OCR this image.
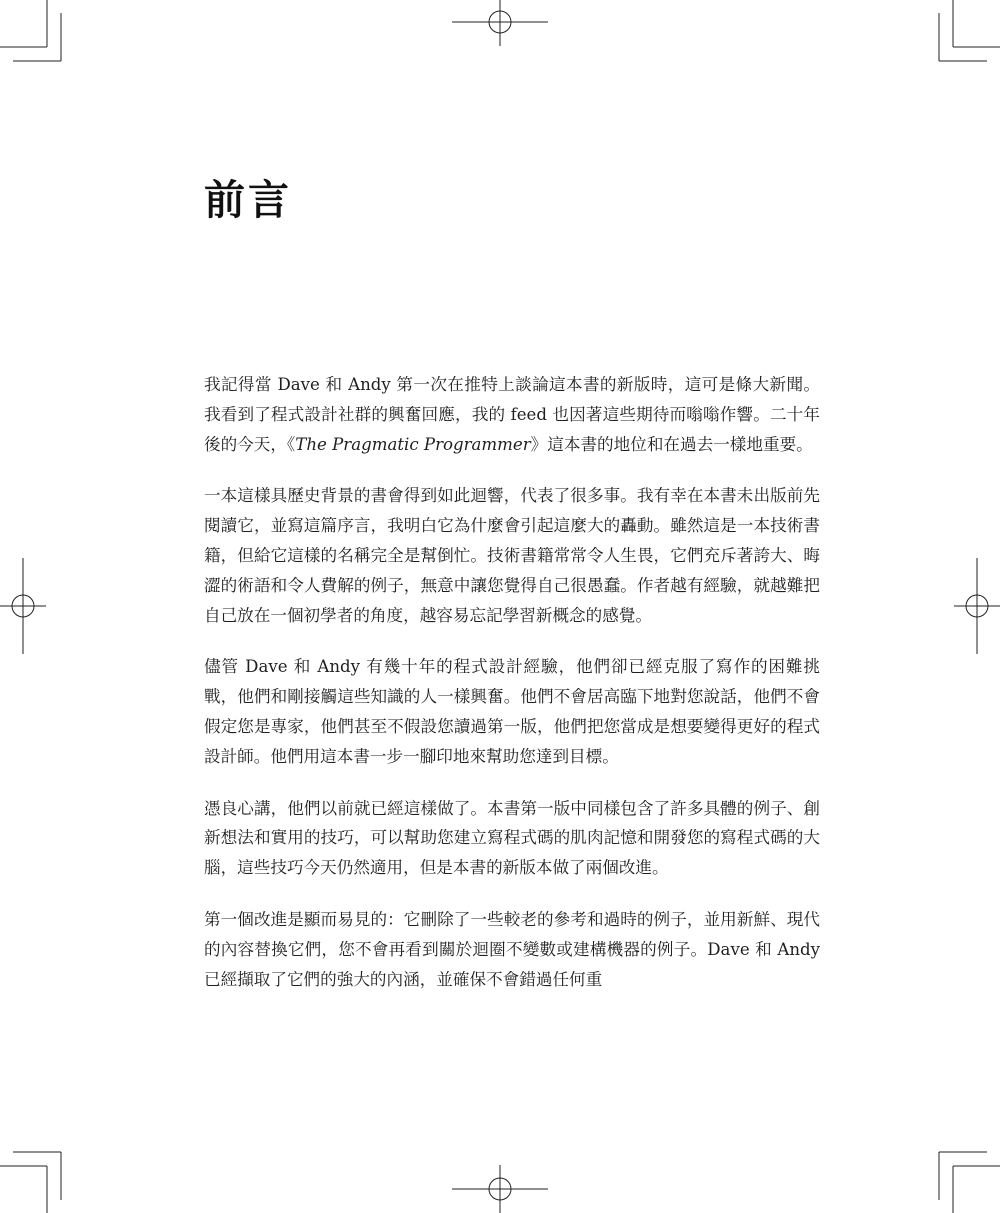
前言

我記得當 Dave 和 Andy 第一次在推特上談論這本書的新版時，這可是條大新聞。我看到了程式設計社群的興奮回應，我的 feed 也因著這些期待而嗡嗡作響。二十年後的今天，《The Pragmatic Programmer》這本書的地位和在過去一樣地重要。

一本這樣具歷史背景的書會得到如此迴響，代表了很多事。我有幸在本書未出版前先閱讀它，並寫這篇序言，我明白它為什麼會引起這麼大的轟動。雖然這是一本技術書籍，但給它這樣的名稱完全是幫倒忙。技術書籍常常令人生畏，它們充斥著誇大、晦澀的術語和令人費解的例子，無意中讓您覺得自己很愚蠢。作者越有經驗，就越難把自己放在一個初學者的角度，越容易忘記學習新概念的感覺。

儘管 Dave 和 Andy 有幾十年的程式設計經驗，他們卻已經克服了寫作的困難挑戰，他們和剛接觸這些知識的人一樣興奮。他們不會居高臨下地對您說話，他們不會假定您是專家，他們甚至不假設您讀過第一版，他們把您當成是想要變得更好的程式設計師。他們用這本書一步一腳印地來幫助您達到目標。

憑良心講，他們以前就已經這樣做了。本書第一版中同樣包含了許多具體的例子、創新想法和實用的技巧，可以幫助您建立寫程式碼的肌肉記憶和開發您的寫程式碼的大腦，這些技巧今天仍然適用，但是本書的新版本做了兩個改進。

第一個改進是顯而易見的：它刪除了一些較老的參考和過時的例子，並用新鮮、現代的內容替換它們，您不會再看到關於迴圈不變數或建構機器的例子。Dave 和 Andy 已經擷取了它們的強大的內涵，並確保不會錯過任何重
